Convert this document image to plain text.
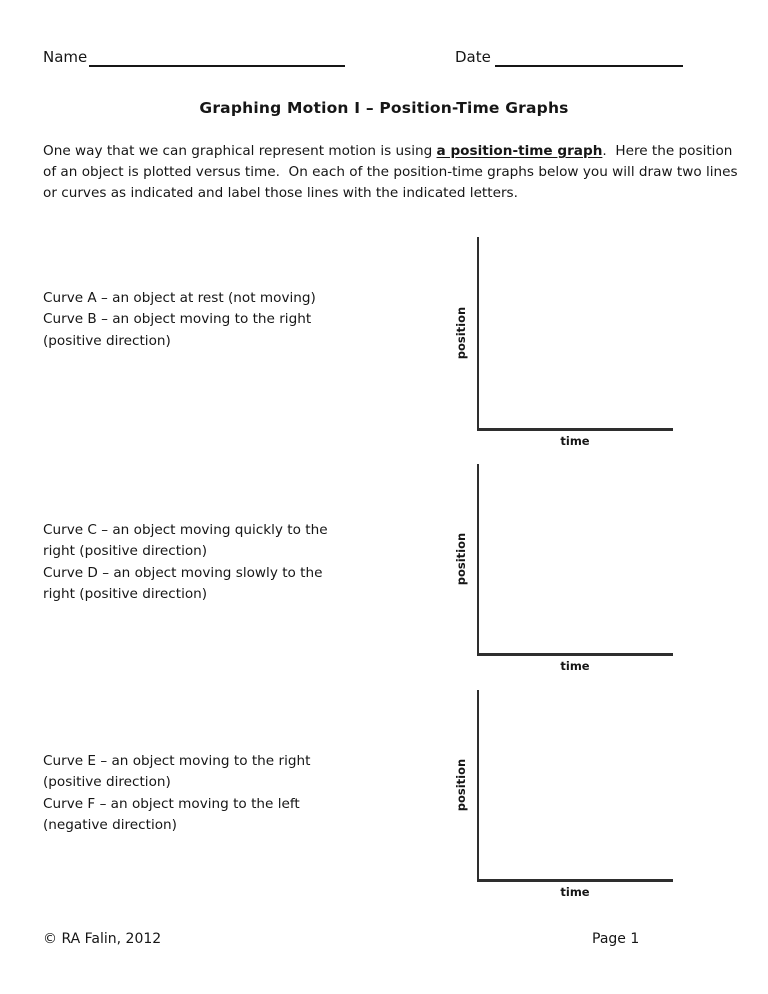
Name	Date
Graphing Motion I – Position-Time Graphs
One way that we can graphical represent motion is using a position-time graph.  Here the position of an object is plotted versus time.  On each of the position-time graphs below you will draw two lines or curves as indicated and label those lines with the indicated letters.
Curve A – an object at rest (not moving)
Curve B – an object moving to the right
(positive direction)	position
time
Curve C – an object moving quickly to the
right (positive direction)
Curve D – an object moving slowly to the
right (positive direction)
position
time
Curve E – an object moving to the right
(positive direction)
Curve F – an object moving to the left
(negative direction)
position
time
© RA Falin, 2012	Page 1
